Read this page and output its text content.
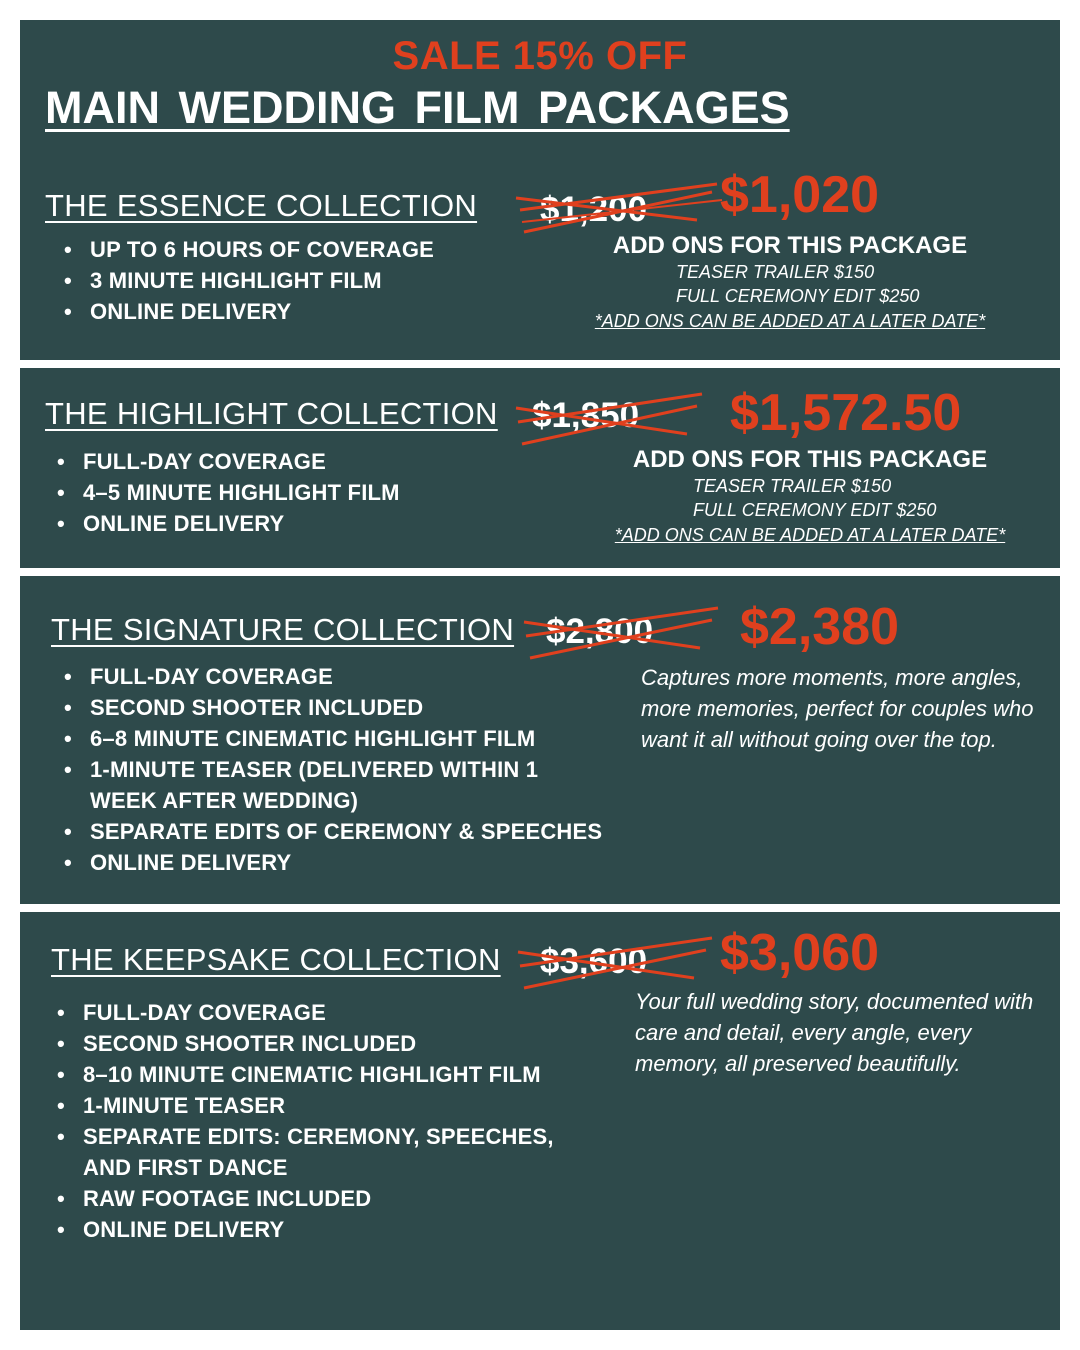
SALE 15% OFF
MAIN WEDDING FILM PACKAGES
THE ESSENCE COLLECTION $1,200 $1,020
• UP TO 6 HOURS OF COVERAGE
• 3 MINUTE HIGHLIGHT FILM
• ONLINE DELIVERY
ADD ONS FOR THIS PACKAGE
TEASER TRAILER $150
FULL CEREMONY EDIT $250
*ADD ONS CAN BE ADDED AT A LATER DATE*
THE HIGHLIGHT COLLECTION $1,850 $1,572.50
• FULL-DAY COVERAGE
• 4–5 MINUTE HIGHLIGHT FILM
• ONLINE DELIVERY
ADD ONS FOR THIS PACKAGE
TEASER TRAILER $150
FULL CEREMONY EDIT $250
*ADD ONS CAN BE ADDED AT A LATER DATE*
THE SIGNATURE COLLECTION $2,800 $2,380
• FULL-DAY COVERAGE
• SECOND SHOOTER INCLUDED
• 6–8 MINUTE CINEMATIC HIGHLIGHT FILM
• 1-MINUTE TEASER (DELIVERED WITHIN 1
WEEK AFTER WEDDING)
• SEPARATE EDITS OF CEREMONY & SPEECHES
• ONLINE DELIVERY
Captures more moments, more angles, more memories, perfect for couples who want it all without going over the top.
THE KEEPSAKE COLLECTION $3,600 $3,060
• FULL-DAY COVERAGE
• SECOND SHOOTER INCLUDED
• 8–10 MINUTE CINEMATIC HIGHLIGHT FILM
• 1-MINUTE TEASER
• SEPARATE EDITS: CEREMONY, SPEECHES,
AND FIRST DANCE
• RAW FOOTAGE INCLUDED
• ONLINE DELIVERY
Your full wedding story, documented with care and detail, every angle, every memory, all preserved beautifully.
